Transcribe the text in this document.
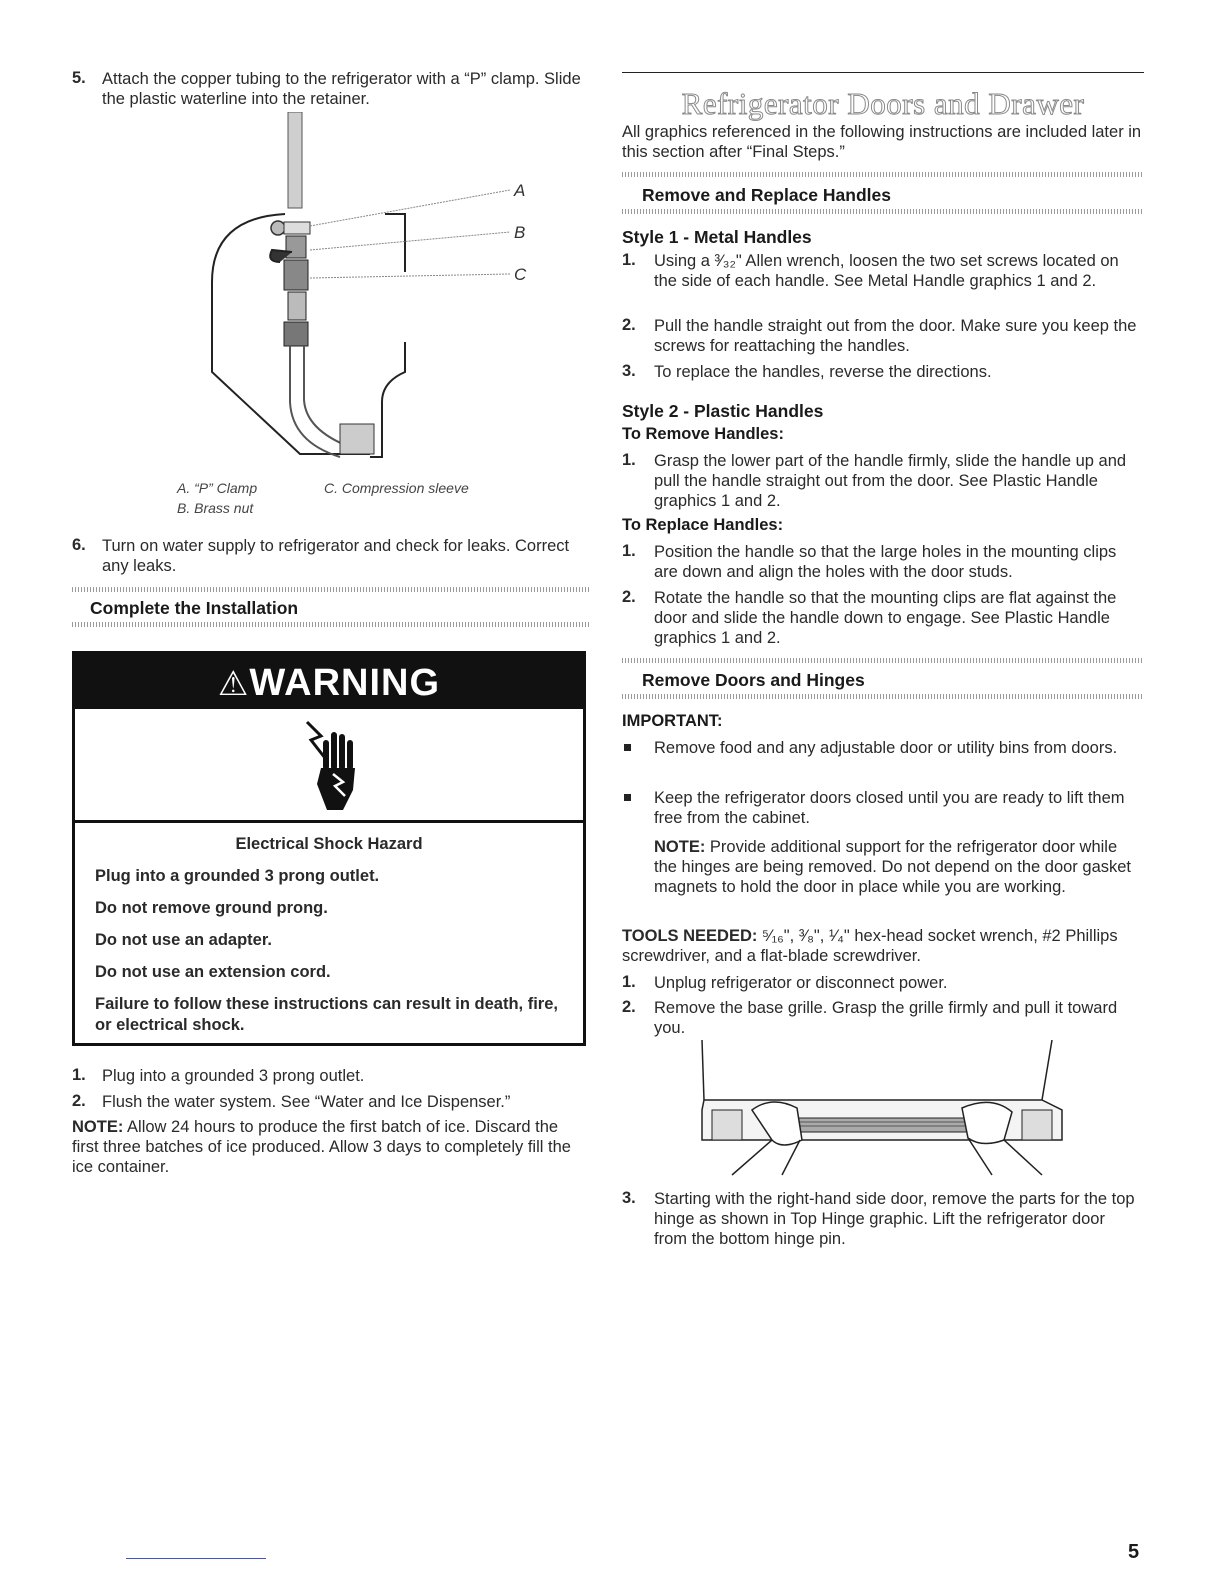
5. Attach the copper tubing to the refrigerator with a “P” clamp. Slide the plastic waterline into the retainer.
A
B
C
A. “P” Clamp
B. Brass nut
C. Compression sleeve
6. Turn on water supply to refrigerator and check for leaks. Correct any leaks.
Complete the Installation
⚠WARNING
Electrical Shock Hazard
Plug into a grounded 3 prong outlet.
Do not remove ground prong.
Do not use an adapter.
Do not use an extension cord.
Failure to follow these instructions can result in death, fire, or electrical shock.
1. Plug into a grounded 3 prong outlet.
2. Flush the water system. See “Water and Ice Dispenser.”
NOTE: Allow 24 hours to produce the first batch of ice. Discard the first three batches of ice produced. Allow 3 days to completely fill the ice container.
Refrigerator Doors and Drawer
All graphics referenced in the following instructions are included later in this section after “Final Steps.”
Remove and Replace Handles
Style 1 - Metal Handles
1. Using a ³⁄₃₂" Allen wrench, loosen the two set screws located on the side of each handle. See Metal Handle graphics 1 and 2.
2. Pull the handle straight out from the door. Make sure you keep the screws for reattaching the handles.
3. To replace the handles, reverse the directions.
Style 2 - Plastic Handles
To Remove Handles:
1. Grasp the lower part of the handle firmly, slide the handle up and pull the handle straight out from the door. See Plastic Handle graphics 1 and 2.
To Replace Handles:
1. Position the handle so that the large holes in the mounting clips are down and align the holes with the door studs.
2. Rotate the handle so that the mounting clips are flat against the door and slide the handle down to engage. See Plastic Handle graphics 1 and 2.
Remove Doors and Hinges
IMPORTANT:
Remove food and any adjustable door or utility bins from doors.
Keep the refrigerator doors closed until you are ready to lift them free from the cabinet.
NOTE: Provide additional support for the refrigerator door while the hinges are being removed. Do not depend on the door gasket magnets to hold the door in place while you are working.
TOOLS NEEDED: ⁵⁄₁₆", ³⁄₈", ¹⁄₄" hex-head socket wrench, #2 Phillips screwdriver, and a flat-blade screwdriver.
1. Unplug refrigerator or disconnect power.
2. Remove the base grille. Grasp the grille firmly and pull it toward you.
3. Starting with the right-hand side door, remove the parts for the top hinge as shown in Top Hinge graphic. Lift the refrigerator door from the bottom hinge pin.
5
